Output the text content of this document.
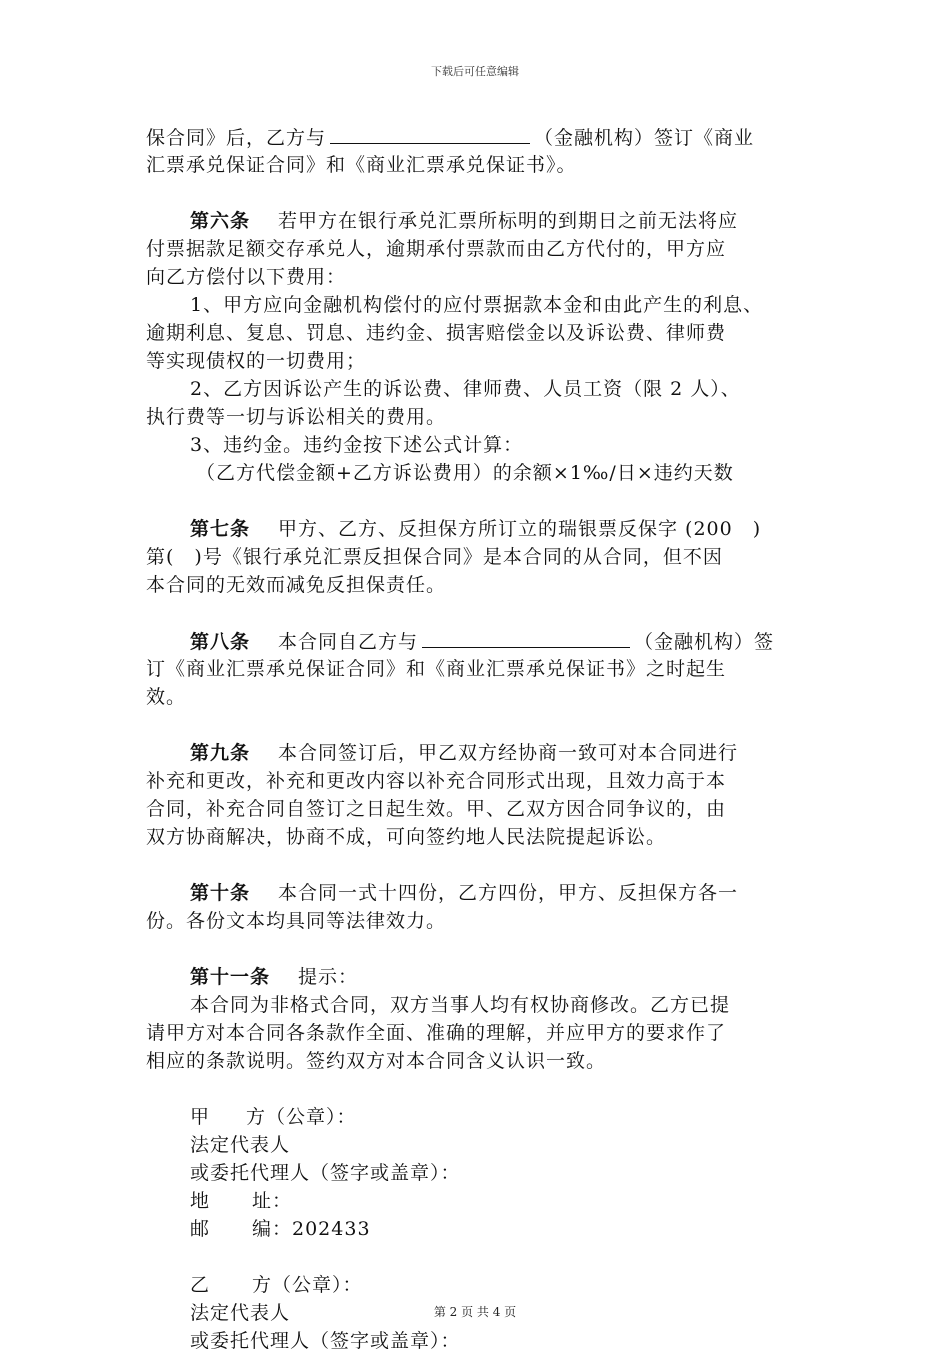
下载后可任意编辑
保合同》后，乙方与	（金融机构）签订《商业
汇票承兑保证合同》和《商业汇票承兑保证书》。
第六条 若甲方在银行承兑汇票所标明的到期日之前无法将应
付票据款足额交存承兑人，逾期承付票款而由乙方代付的，甲方应
向乙方偿付以下费用：
1、甲方应向金融机构偿付的应付票据款本金和由此产生的利息、
逾期利息、复息、罚息、违约金、损害赔偿金以及诉讼费、律师费
等实现债权的一切费用；
2、乙方因诉讼产生的诉讼费、律师费、人员工资（限 2 人）、
执行费等一切与诉讼相关的费用。
3、违约金。违约金按下述公式计算：
（乙方代偿金额+乙方诉讼费用）的余额×1‰/日×违约天数
第七条 甲方、乙方、反担保方所订立的瑞银票反保字 (200　)
第(　)号《银行承兑汇票反担保合同》是本合同的从合同，但不因
本合同的无效而减免反担保责任。
第八条 本合同自乙方与	（金融机构）签
订《商业汇票承兑保证合同》和《商业汇票承兑保证书》之时起生
效。
第九条 本合同签订后，甲乙双方经协商一致可对本合同进行
补充和更改，补充和更改内容以补充合同形式出现，且效力高于本
合同，补充合同自签订之日起生效。甲、乙双方因合同争议的，由
双方协商解决，协商不成，可向签约地人民法院提起诉讼。
第十条 本合同一式十四份，乙方四份，甲方、反担保方各一
份。各份文本均具同等法律效力。
第十一条 提示：
本合同为非格式合同，双方当事人均有权协商修改。乙方已提
请甲方对本合同各条款作全面、准确的理解，并应甲方的要求作了
相应的条款说明。签约双方对本合同含义认识一致。
甲 方（公章）：
法定代表人
或委托代理人（签字或盖章）：
地 址：
邮 编：202433
乙 方（公章）：
法定代表人
或委托代理人（签字或盖章）：
第 2 页 共 4 页
